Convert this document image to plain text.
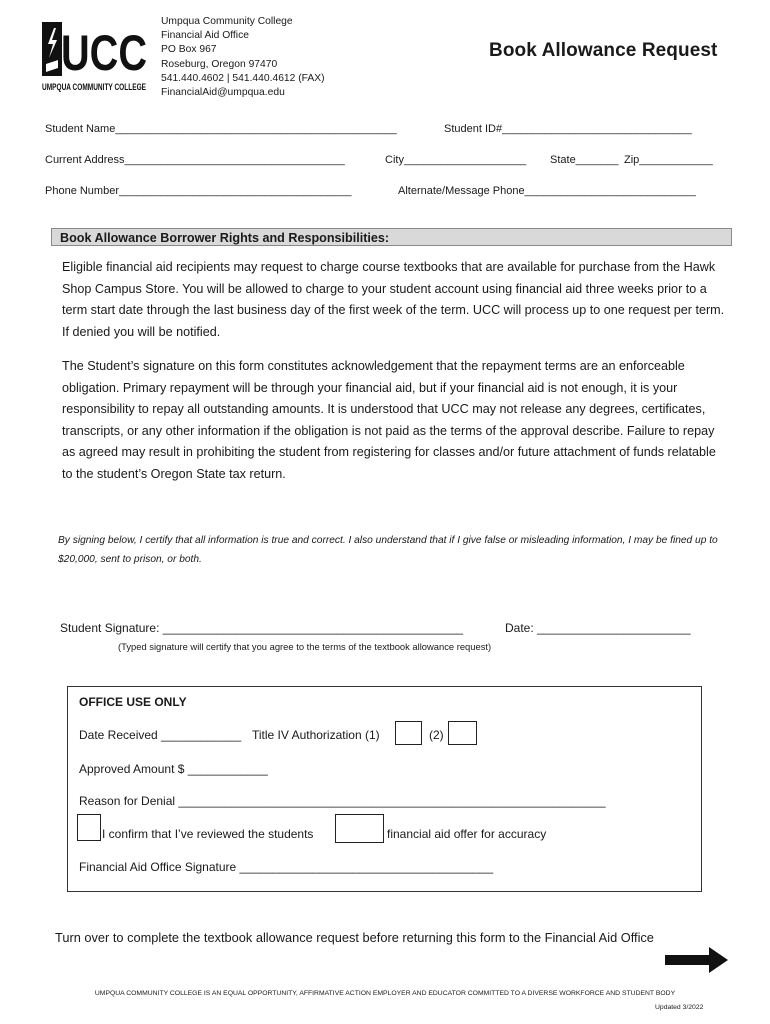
UCC
UMPQUA COMMUNITY COLLEGE
Umpqua Community College
Financial Aid Office
PO Box 967
Roseburg, Oregon 97470
541.440.4602 | 541.440.4612 (FAX)
FinancialAid@umpqua.edu
Book Allowance Request
Student Name______________________________________________	Student ID#_______________________________
Current Address____________________________________	City____________________ State_______ Zip____________
Phone Number______________________________________	Alternate/Message Phone____________________________
Book Allowance Borrower Rights and Responsibilities:
Eligible financial aid recipients may request to charge course textbooks that are available for purchase from the Hawk Shop Campus Store. You will be allowed to charge to your student account using financial aid three weeks prior to a term start date through the last business day of the first week of the term. UCC will process up to one request per term. If denied you will be notified.
The Student’s signature on this form constitutes acknowledgement that the repayment terms are an enforceable obligation. Primary repayment will be through your financial aid, but if your financial aid is not enough, it is your responsibility to repay all outstanding amounts. It is understood that UCC may not release any degrees, certificates, transcripts, or any other information if the obligation is not paid as the terms of the approval describe. Failure to repay as agreed may result in prohibiting the student from registering for classes and/or future attachment of funds relatable to the student’s Oregon State tax return.
By signing below, I certify that all information is true and correct. I also understand that if I give false or misleading information, I may be fined up to $20,000, sent to prison, or both.
Student Signature: _____________________________________________	Date: _______________________
(Typed signature will certify that you agree to the terms of the textbook allowance request)
OFFICE USE ONLY
Date Received ____________ Title IV Authorization (1)	(2)
Approved Amount $ ____________
Reason for Denial ________________________________________________________________
I confirm that I’ve reviewed the students	financial aid offer for accuracy
Financial Aid Office Signature ______________________________________
Turn over to complete the textbook allowance request before returning this form to the Financial Aid Office
UMPQUA COMMUNITY COLLEGE IS AN EQUAL OPPORTUNITY, AFFIRMATIVE ACTION EMPLOYER AND EDUCATOR COMMITTED TO A DIVERSE WORKFORCE AND STUDENT BODY
Updated 3/2022
